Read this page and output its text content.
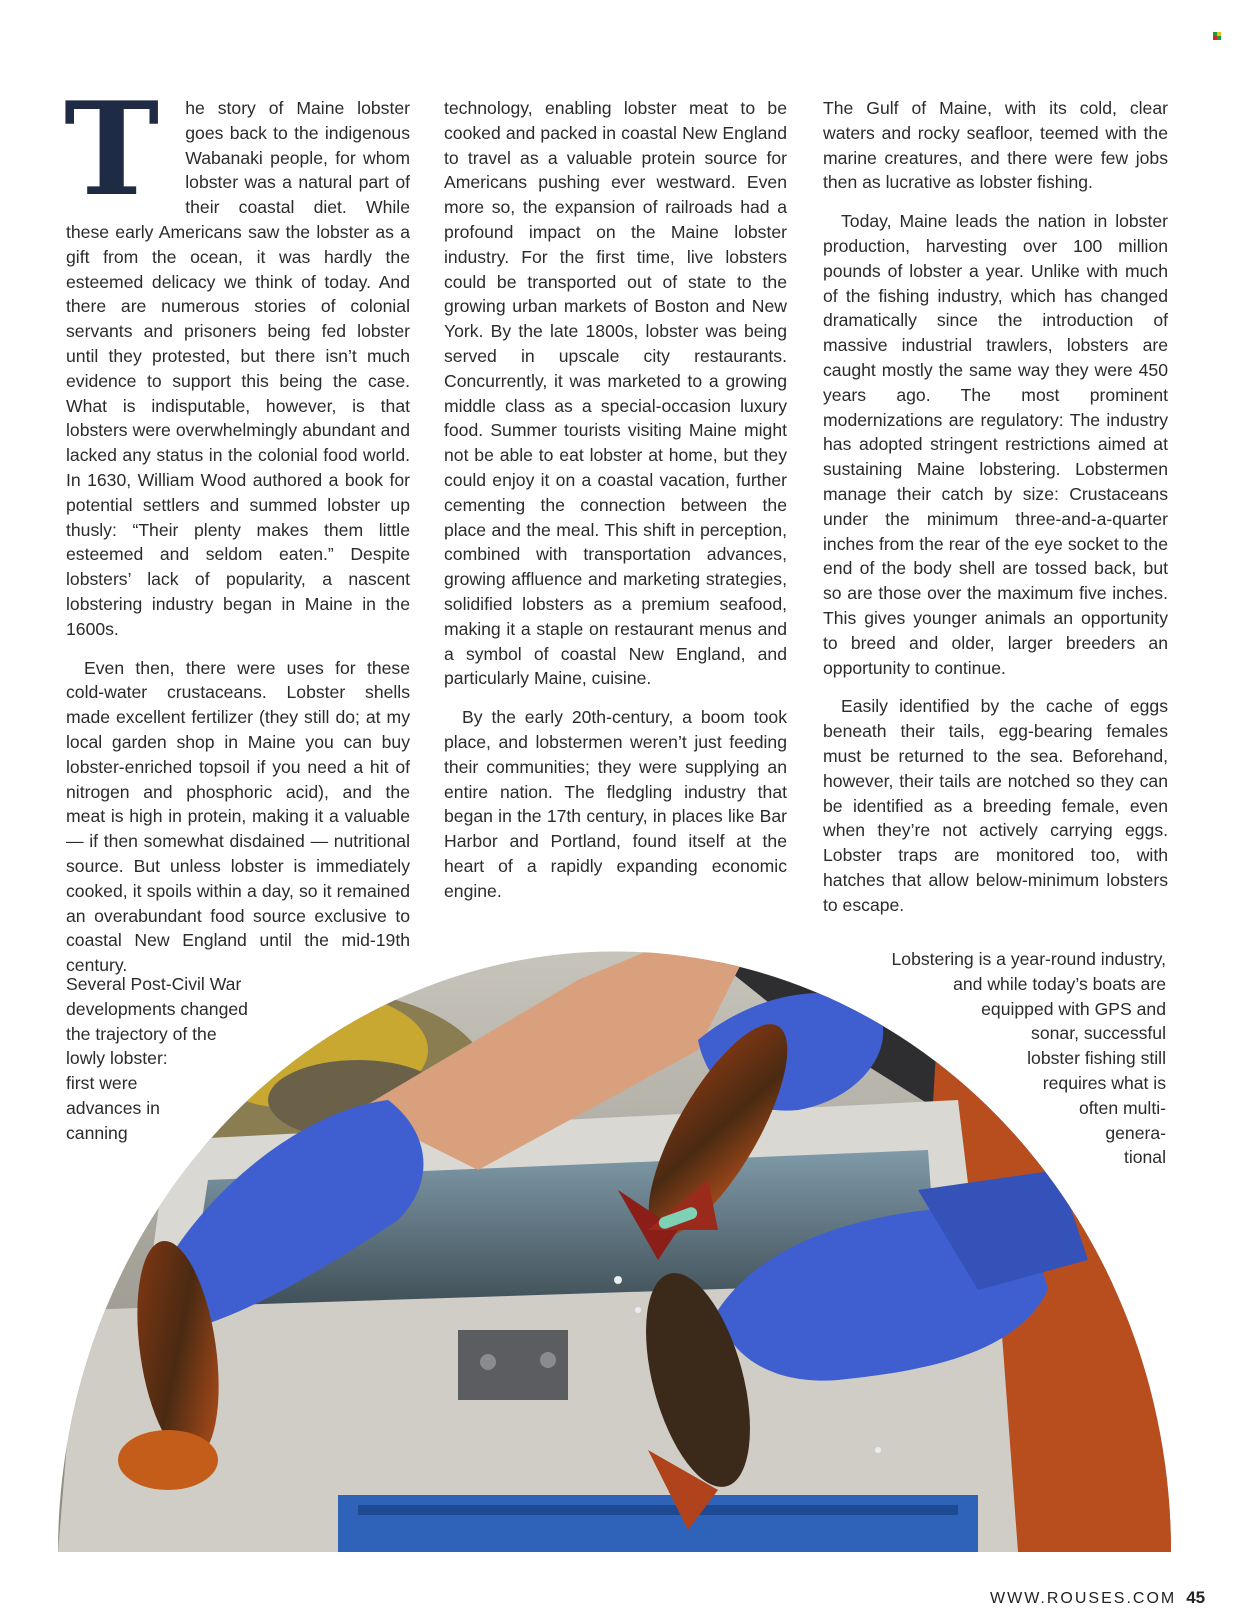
T he story of Maine lobster goes back to the indigenous Wabanaki people, for whom lobster was a natural part of their coastal diet. While these early Americans saw the lobster as a gift from the ocean, it was hardly the esteemed delicacy we think of today. And there are numerous stories of colonial servants and prisoners being fed lobster until they protested, but there isn’t much evidence to support this being the case. What is indisputable, however, is that lobsters were overwhelmingly abundant and lacked any status in the colonial food world. In 1630, William Wood authored a book for potential settlers and summed lobster up thusly: “Their plenty makes them little esteemed and seldom eaten.” Despite lobsters’ lack of popularity, a nascent lobstering industry began in Maine in the 1600s.

Even then, there were uses for these cold-water crustaceans. Lobster shells made excellent fertilizer (they still do; at my local garden shop in Maine you can buy lobster-enriched topsoil if you need a hit of nitrogen and phosphoric acid), and the meat is high in protein, making it a valuable — if then somewhat disdained — nutritional source. But unless lobster is immediately cooked, it spoils within a day, so it remained an overabundant food source exclusive to coastal New England until the mid-19th century.

technology, enabling lobster meat to be cooked and packed in coastal New England to travel as a valuable protein source for Americans pushing ever westward. Even more so, the expansion of railroads had a profound impact on the Maine lobster industry. For the first time, live lobsters could be transported out of state to the growing urban markets of Boston and New York. By the late 1800s, lobster was being served in upscale city restaurants. Concurrently, it was marketed to a growing middle class as a special-occasion luxury food. Summer tourists visiting Maine might not be able to eat lobster at home, but they could enjoy it on a coastal vacation, further cementing the connection between the place and the meal. This shift in perception, combined with transportation advances, growing affluence and marketing strategies, solidified lobsters as a premium seafood, making it a staple on restaurant menus and a symbol of coastal New England, and particularly Maine, cuisine.

By the early 20th-century, a boom took place, and lobstermen weren’t just feeding their communities; they were supplying an entire nation. The fledgling industry that began in the 17th century, in places like Bar Harbor and Portland, found itself at the heart of a rapidly expanding economic engine.

The Gulf of Maine, with its cold, clear waters and rocky seafloor, teemed with the marine creatures, and there were few jobs then as lucrative as lobster fishing.

Today, Maine leads the nation in lobster production, harvesting over 100 million pounds of lobster a year. Unlike with much of the fishing industry, which has changed dramatically since the introduction of massive industrial trawlers, lobsters are caught mostly the same way they were 450 years ago. The most prominent modernizations are regulatory: The industry has adopted stringent restrictions aimed at sustaining Maine lobstering. Lobstermen manage their catch by size: Crustaceans under the minimum three-and-a-quarter inches from the rear of the eye socket to the end of the body shell are tossed back, but so are those over the maximum five inches. This gives younger animals an opportunity to breed and older, larger breeders an opportunity to continue.

Easily identified by the cache of eggs beneath their tails, egg-bearing females must be returned to the sea. Beforehand, however, their tails are notched so they can be identified as a breeding female, even when they’re not actively carrying eggs. Lobster traps are monitored too, with hatches that allow below-minimum lobsters to escape.

Several Post-Civil War
developments changed
the trajectory of the
lowly lobster:
first were
advances in
canning
Lobstering is a year-round industry,
and while today’s boats are
equipped with GPS and
sonar, successful
lobster fishing still
requires what is
often multi-
genera-
tional
WWW.ROUSES.COM 45
